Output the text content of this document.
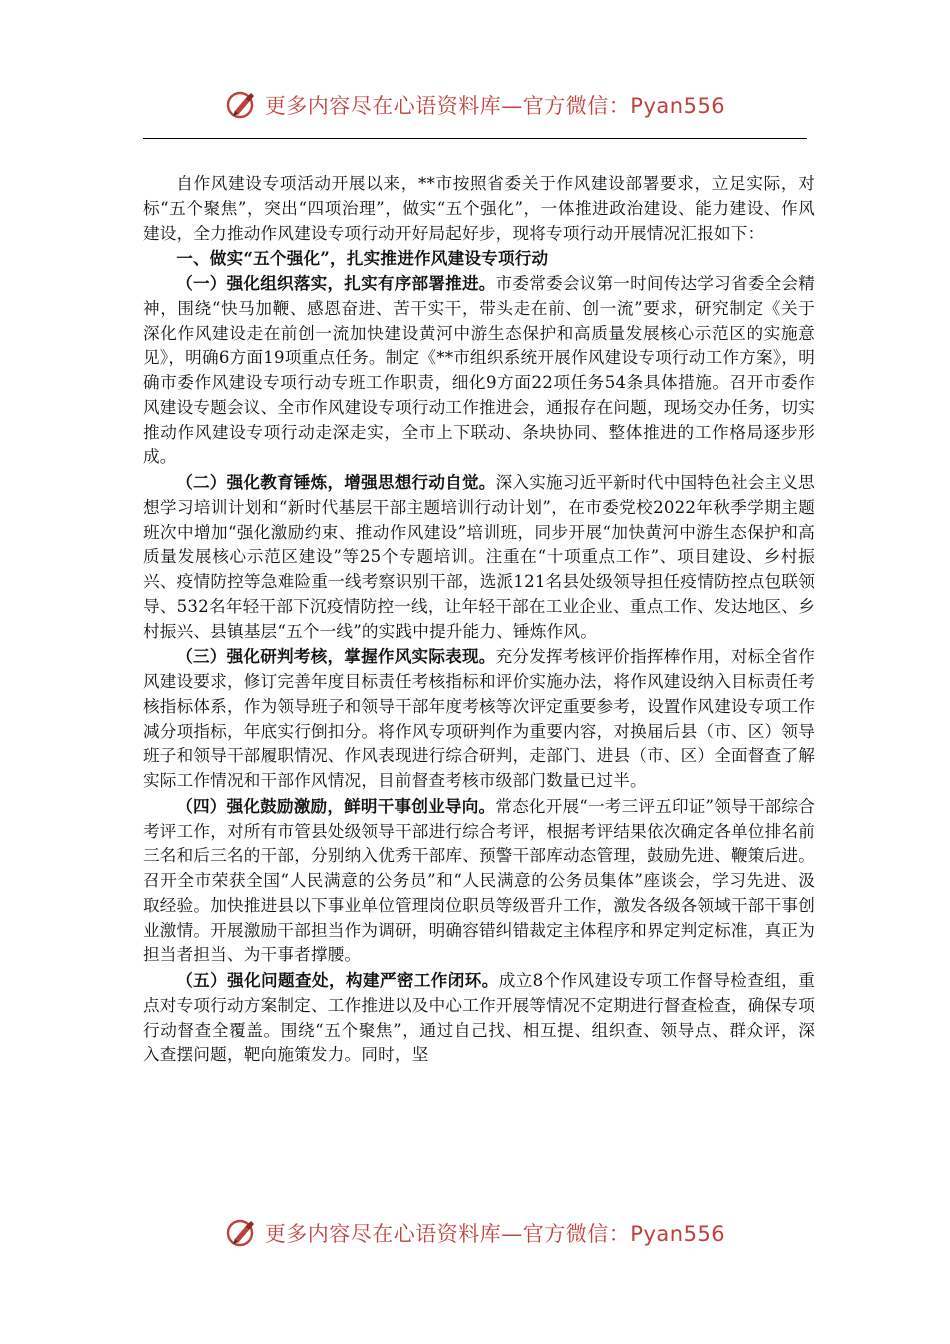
更多内容尽在心语资料库—官方微信：Pyan556

自作风建设专项活动开展以来，**市按照省委关于作风建设部署要求，立足实际，对标“五个聚焦”，突出“四项治理”，做实“五个强化”，一体推进政治建设、能力建设、作风建设，全力推动作风建设专项行动开好局起好步，现将专项行动开展情况汇报如下：

一、做实“五个强化”，扎实推进作风建设专项行动

（一）强化组织落实，扎实有序部署推进。市委常委会议第一时间传达学习省委全会精神，围绕“快马加鞭、感恩奋进、苦干实干，带头走在前、创一流”要求，研究制定《关于深化作风建设走在前创一流加快建设黄河中游生态保护和高质量发展核心示范区的实施意见》，明确6方面19项重点任务。制定《**市组织系统开展作风建设专项行动工作方案》，明确市委作风建设专项行动专班工作职责，细化9方面22项任务54条具体措施。召开市委作风建设专题会议、全市作风建设专项行动工作推进会，通报存在问题，现场交办任务，切实推动作风建设专项行动走深走实，全市上下联动、条块协同、整体推进的工作格局逐步形成。

（二）强化教育锤炼，增强思想行动自觉。深入实施习近平新时代中国特色社会主义思想学习培训计划和“新时代基层干部主题培训行动计划”，在市委党校2022年秋季学期主题班次中增加“强化激励约束、推动作风建设”培训班，同步开展“加快黄河中游生态保护和高质量发展核心示范区建设”等25个专题培训。注重在“十项重点工作”、项目建设、乡村振兴、疫情防控等急难险重一线考察识别干部，选派121名县处级领导担任疫情防控点包联领导、532名年轻干部下沉疫情防控一线，让年轻干部在工业企业、重点工作、发达地区、乡村振兴、县镇基层“五个一线”的实践中提升能力、锤炼作风。

（三）强化研判考核，掌握作风实际表现。充分发挥考核评价指挥棒作用，对标全省作风建设要求，修订完善年度目标责任考核指标和评价实施办法，将作风建设纳入目标责任考核指标体系，作为领导班子和领导干部年度考核等次评定重要参考，设置作风建设专项工作减分项指标，年底实行倒扣分。将作风专项研判作为重要内容，对换届后县（市、区）领导班子和领导干部履职情况、作风表现进行综合研判，走部门、进县（市、区）全面督查了解实际工作情况和干部作风情况，目前督查考核市级部门数量已过半。

（四）强化鼓励激励，鲜明干事创业导向。常态化开展“一考三评五印证”领导干部综合考评工作，对所有市管县处级领导干部进行综合考评，根据考评结果依次确定各单位排名前三名和后三名的干部，分别纳入优秀干部库、预警干部库动态管理，鼓励先进、鞭策后进。召开全市荣获全国“人民满意的公务员”和“人民满意的公务员集体”座谈会，学习先进、汲取经验。加快推进县以下事业单位管理岗位职员等级晋升工作，激发各级各领域干部干事创业激情。开展激励干部担当作为调研，明确容错纠错裁定主体程序和界定判定标准，真正为担当者担当、为干事者撑腰。

（五）强化问题查处，构建严密工作闭环。成立8个作风建设专项工作督导检查组，重点对专项行动方案制定、工作推进以及中心工作开展等情况不定期进行督查检查，确保专项行动督查全覆盖。围绕“五个聚焦”，通过自己找、相互提、组织查、领导点、群众评，深入查摆问题，靶向施策发力。同时，坚

更多内容尽在心语资料库—官方微信：Pyan556
